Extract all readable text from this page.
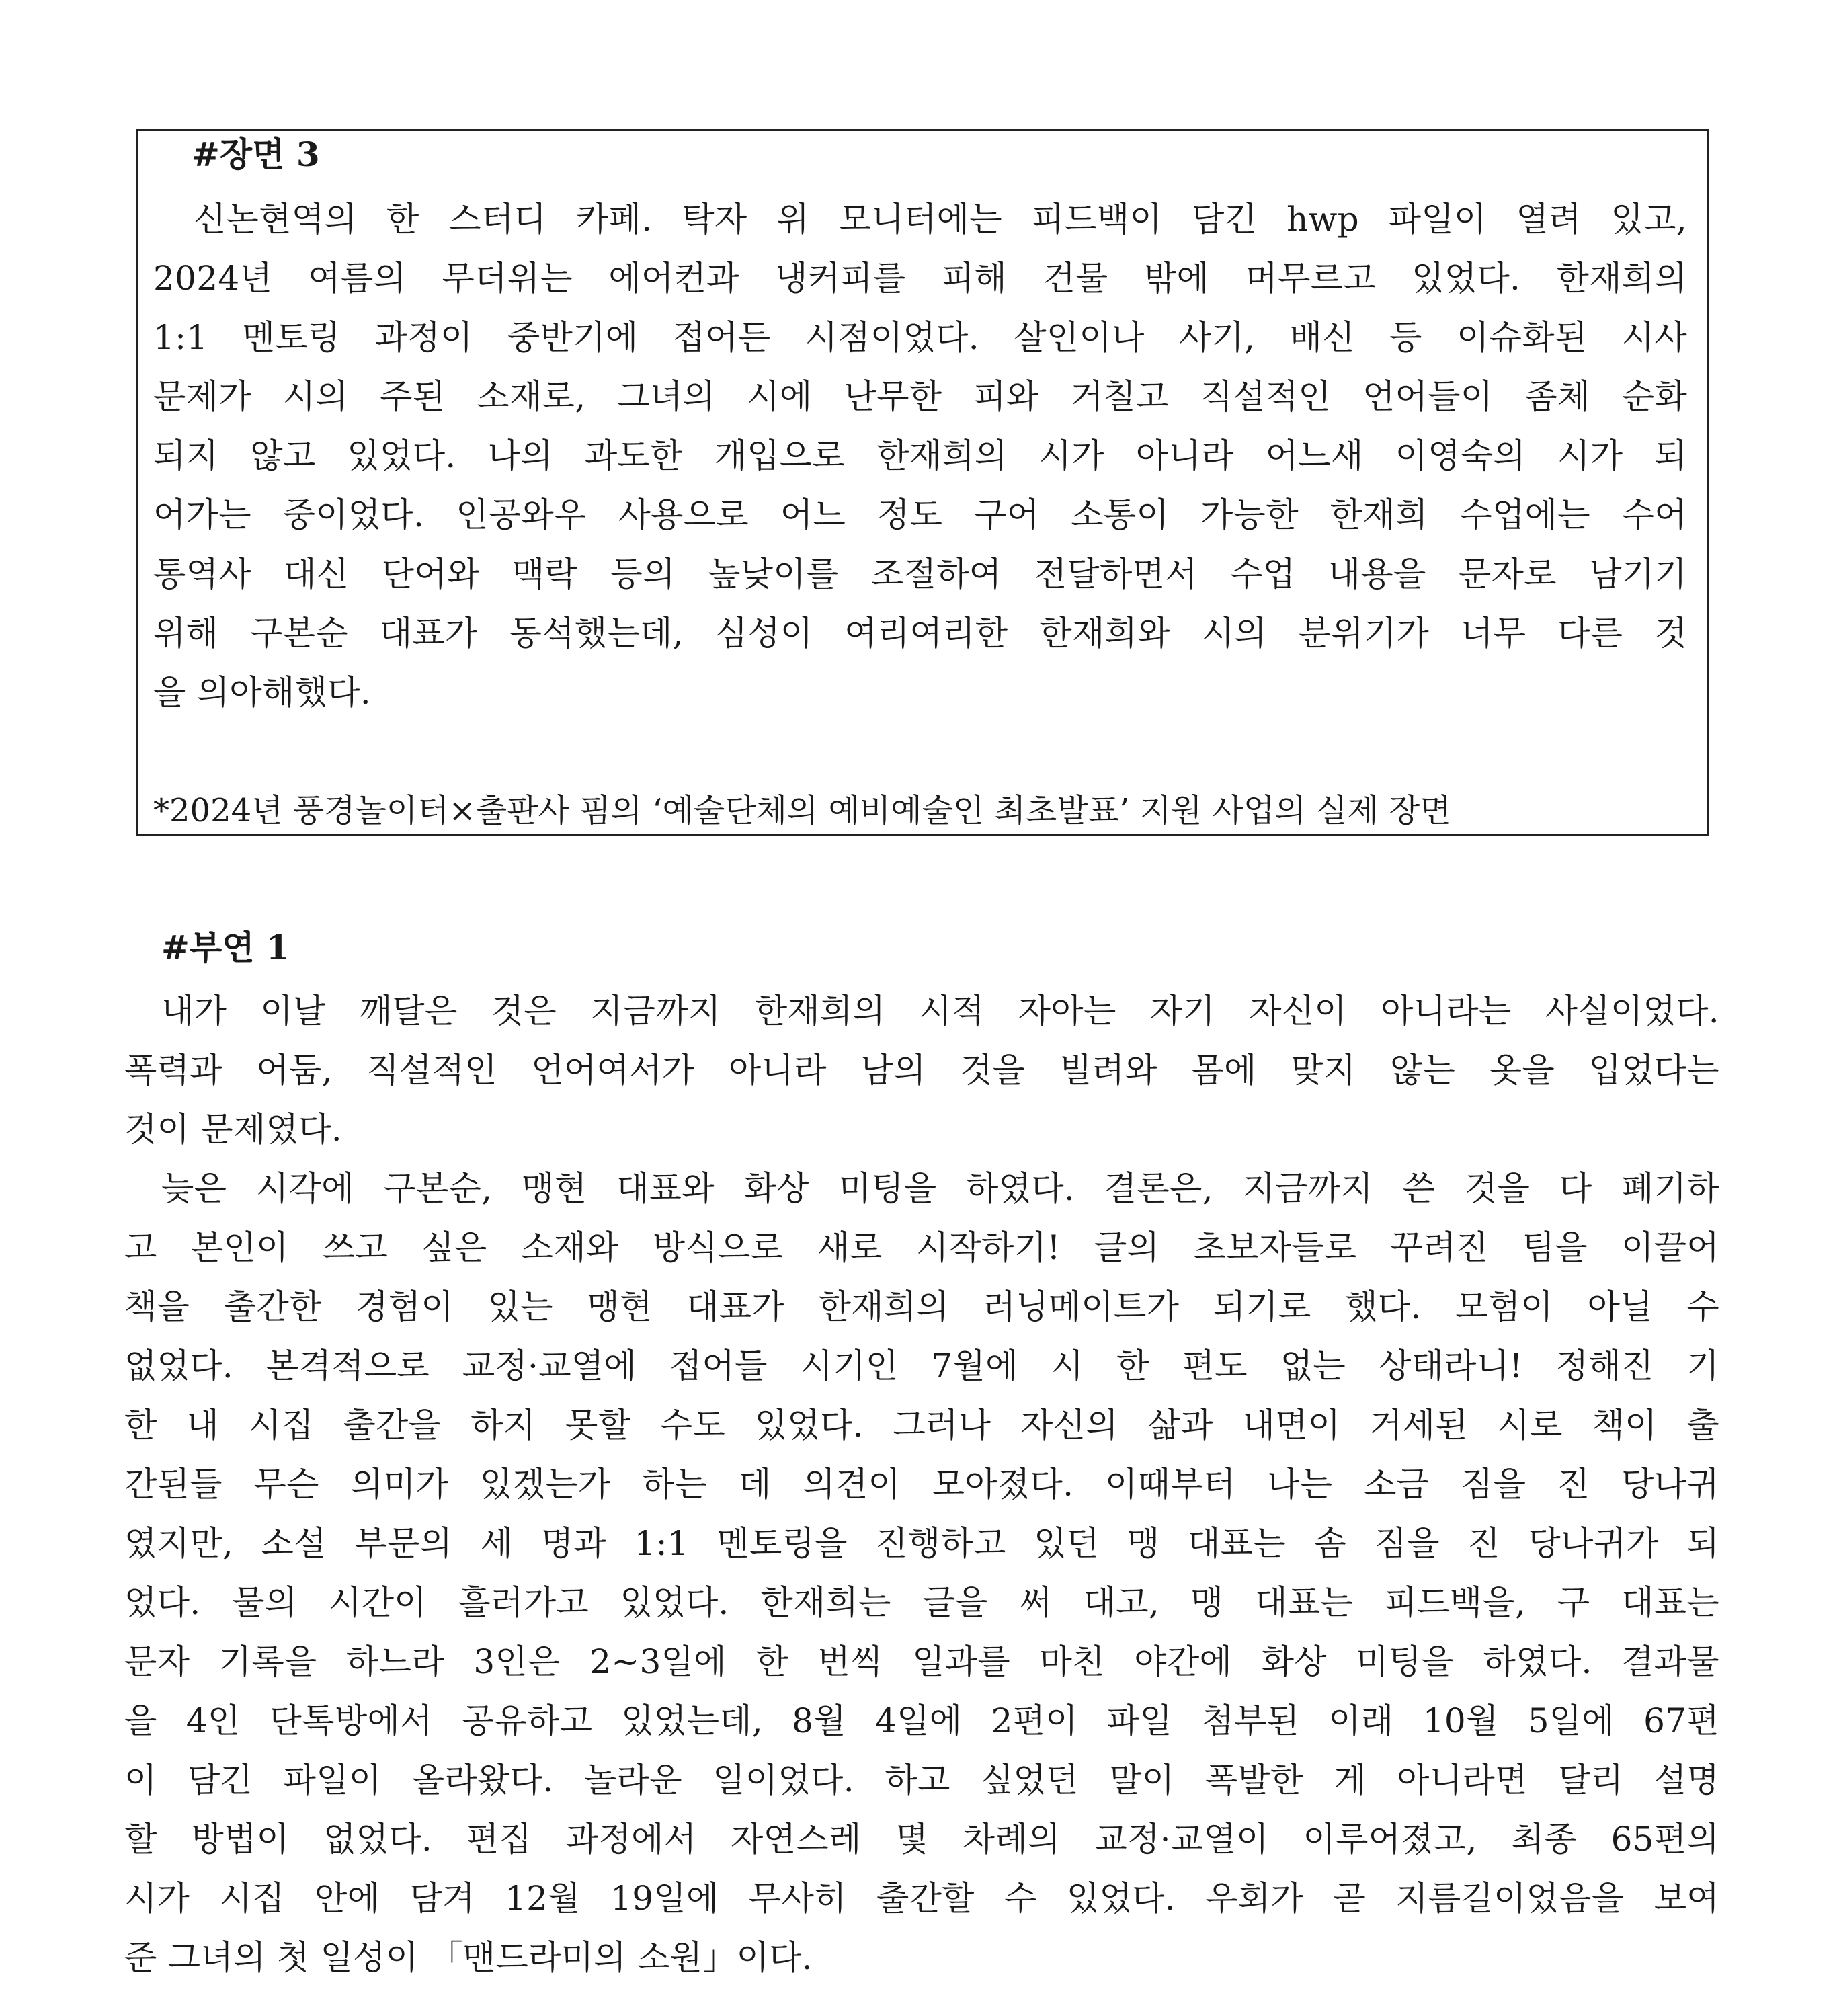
#장면 3
신논현역의 한 스터디 카페. 탁자 위 모니터에는 피드백이 담긴 hwp 파일이 열려 있고,
2024년 여름의 무더위는 에어컨과 냉커피를 피해 건물 밖에 머무르고 있었다. 한재희의
1:1 멘토링 과정이 중반기에 접어든 시점이었다. 살인이나 사기, 배신 등 이슈화된 시사
문제가 시의 주된 소재로, 그녀의 시에 난무한 피와 거칠고 직설적인 언어들이 좀체 순화
되지 않고 있었다. 나의 과도한 개입으로 한재희의 시가 아니라 어느새 이영숙의 시가 되
어가는 중이었다. 인공와우 사용으로 어느 정도 구어 소통이 가능한 한재희 수업에는 수어
통역사 대신 단어와 맥락 등의 높낮이를 조절하여 전달하면서 수업 내용을 문자로 남기기
위해 구본순 대표가 동석했는데, 심성이 여리여리한 한재희와 시의 분위기가 너무 다른 것
을 의아해했다.
*2024년 풍경놀이터×출판사 핌의 ‘예술단체의 예비예술인 최초발표’ 지원 사업의 실제 장면
#부연 1
내가 이날 깨달은 것은 지금까지 한재희의 시적 자아는 자기 자신이 아니라는 사실이었다.
폭력과 어둠, 직설적인 언어여서가 아니라 남의 것을 빌려와 몸에 맞지 않는 옷을 입었다는
것이 문제였다.
늦은 시각에 구본순, 맹현 대표와 화상 미팅을 하였다. 결론은, 지금까지 쓴 것을 다 폐기하
고 본인이 쓰고 싶은 소재와 방식으로 새로 시작하기! 글의 초보자들로 꾸려진 팀을 이끌어
책을 출간한 경험이 있는 맹현 대표가 한재희의 러닝메이트가 되기로 했다. 모험이 아닐 수
없었다. 본격적으로 교정·교열에 접어들 시기인 7월에 시 한 편도 없는 상태라니! 정해진 기
한 내 시집 출간을 하지 못할 수도 있었다. 그러나 자신의 삶과 내면이 거세된 시로 책이 출
간된들 무슨 의미가 있겠는가 하는 데 의견이 모아졌다. 이때부터 나는 소금 짐을 진 당나귀
였지만, 소설 부문의 세 명과 1:1 멘토링을 진행하고 있던 맹 대표는 솜 짐을 진 당나귀가 되
었다. 물의 시간이 흘러가고 있었다. 한재희는 글을 써 대고, 맹 대표는 피드백을, 구 대표는
문자 기록을 하느라 3인은 2~3일에 한 번씩 일과를 마친 야간에 화상 미팅을 하였다. 결과물
을 4인 단톡방에서 공유하고 있었는데, 8월 4일에 2편이 파일 첨부된 이래 10월 5일에 67편
이 담긴 파일이 올라왔다. 놀라운 일이었다. 하고 싶었던 말이 폭발한 게 아니라면 달리 설명
할 방법이 없었다. 편집 과정에서 자연스레 몇 차례의 교정·교열이 이루어졌고, 최종 65편의
시가 시집 안에 담겨 12월 19일에 무사히 출간할 수 있었다. 우회가 곧 지름길이었음을 보여
준 그녀의 첫 일성이 「맨드라미의 소원」이다.
